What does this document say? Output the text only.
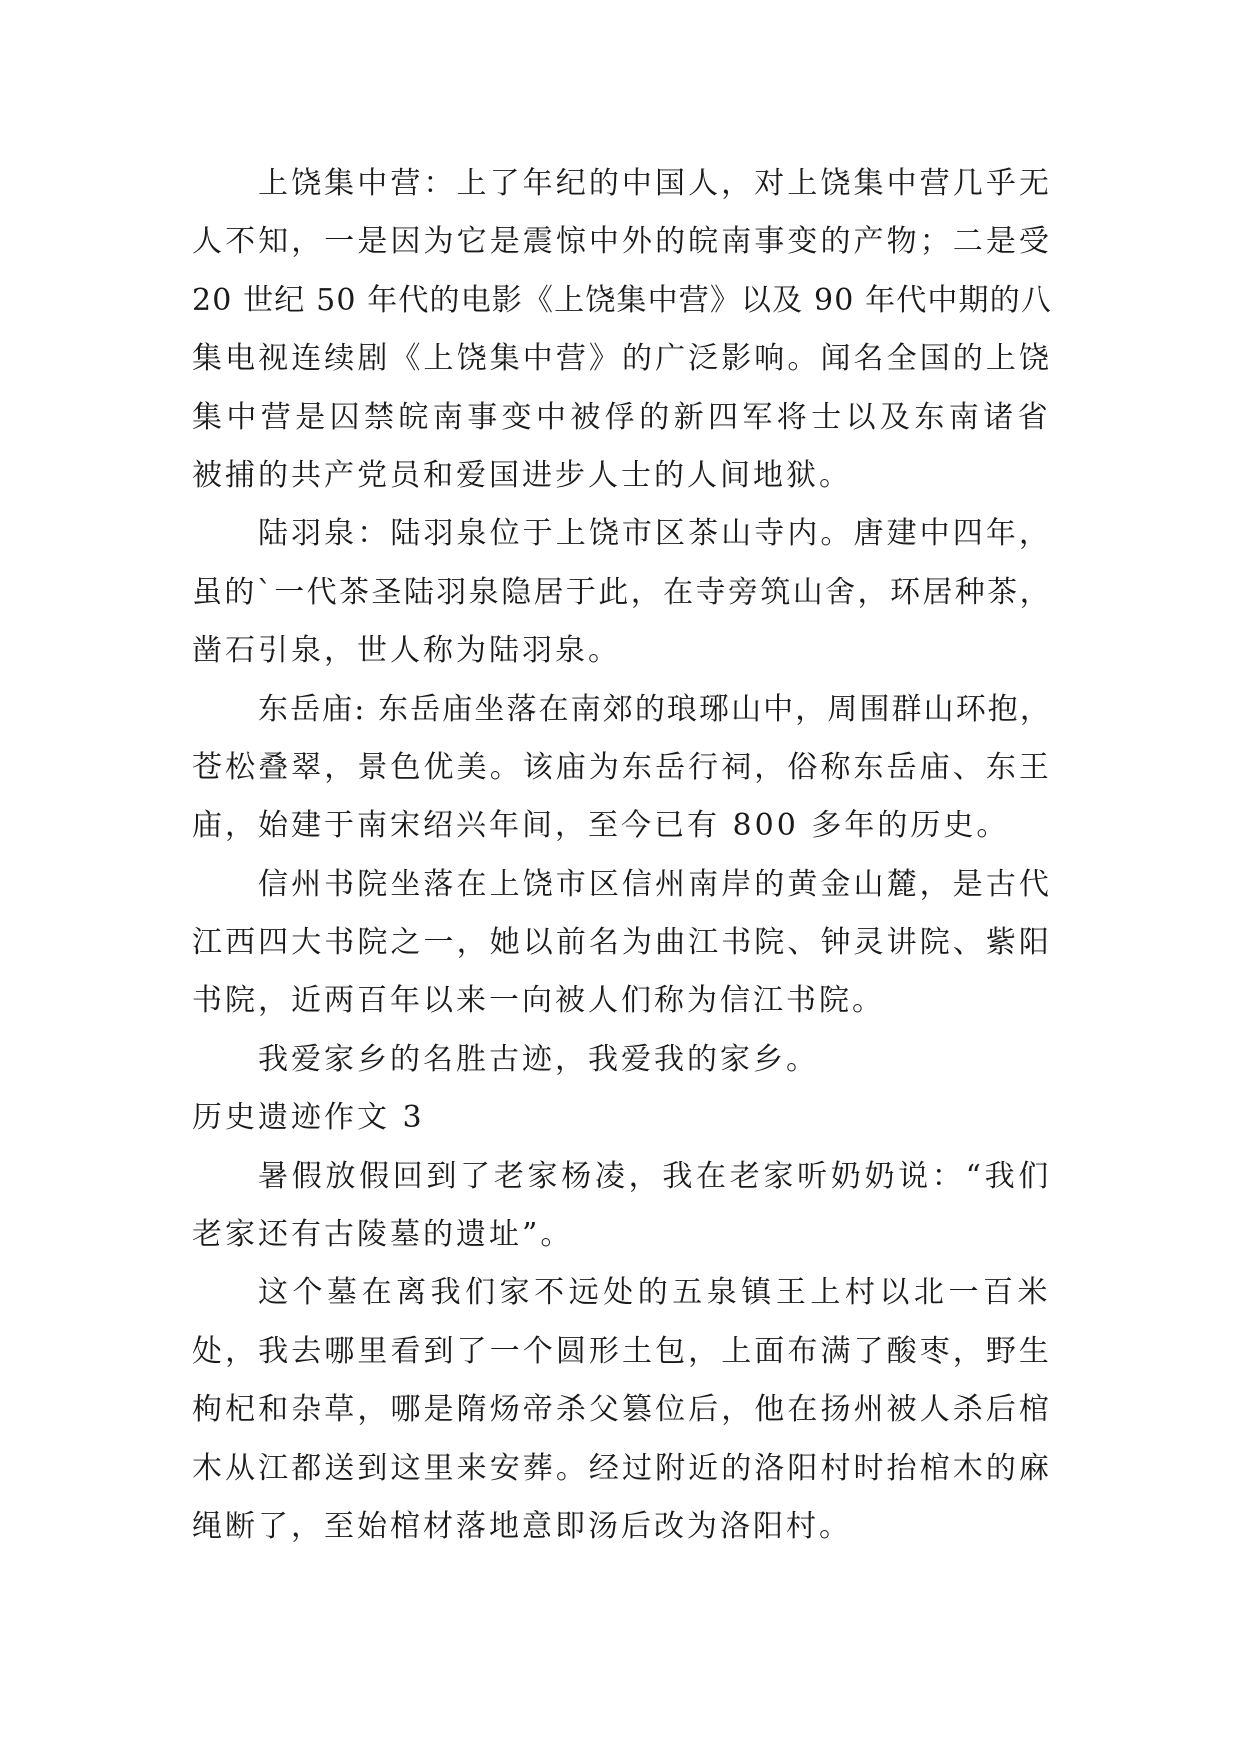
上饶集中营：上了年纪的中国人，对上饶集中营几乎无
人不知，一是因为它是震惊中外的皖南事变的产物；二是受
20 世纪 50 年代的电影《上饶集中营》以及 90 年代中期的八
集电视连续剧《上饶集中营》的广泛影响。闻名全国的上饶
集中营是囚禁皖南事变中被俘的新四军将士以及东南诸省
被捕的共产党员和爱国进步人士的人间地狱。
陆羽泉：陆羽泉位于上饶市区茶山寺内。唐建中四年，
虽的`一代茶圣陆羽泉隐居于此，在寺旁筑山舍，环居种茶，
凿石引泉，世人称为陆羽泉。
东岳庙: 东岳庙坐落在南郊的琅琊山中，周围群山环抱，
苍松叠翠，景色优美。该庙为东岳行祠，俗称东岳庙、东王
庙，始建于南宋绍兴年间，至今已有 800 多年的历史。
信州书院坐落在上饶市区信州南岸的黄金山麓，是古代
江西四大书院之一，她以前名为曲江书院、钟灵讲院、紫阳
书院，近两百年以来一向被人们称为信江书院。
我爱家乡的名胜古迹，我爱我的家乡。
历史遗迹作文 3
暑假放假回到了老家杨凌，我在老家听奶奶说：“我们
老家还有古陵墓的遗址”。
这个墓在离我们家不远处的五泉镇王上村以北一百米
处，我去哪里看到了一个圆形土包，上面布满了酸枣，野生
枸杞和杂草，哪是隋炀帝杀父篡位后，他在扬州被人杀后棺
木从江都送到这里来安葬。经过附近的洛阳村时抬棺木的麻
绳断了，至始棺材落地意即汤后改为洛阳村。
